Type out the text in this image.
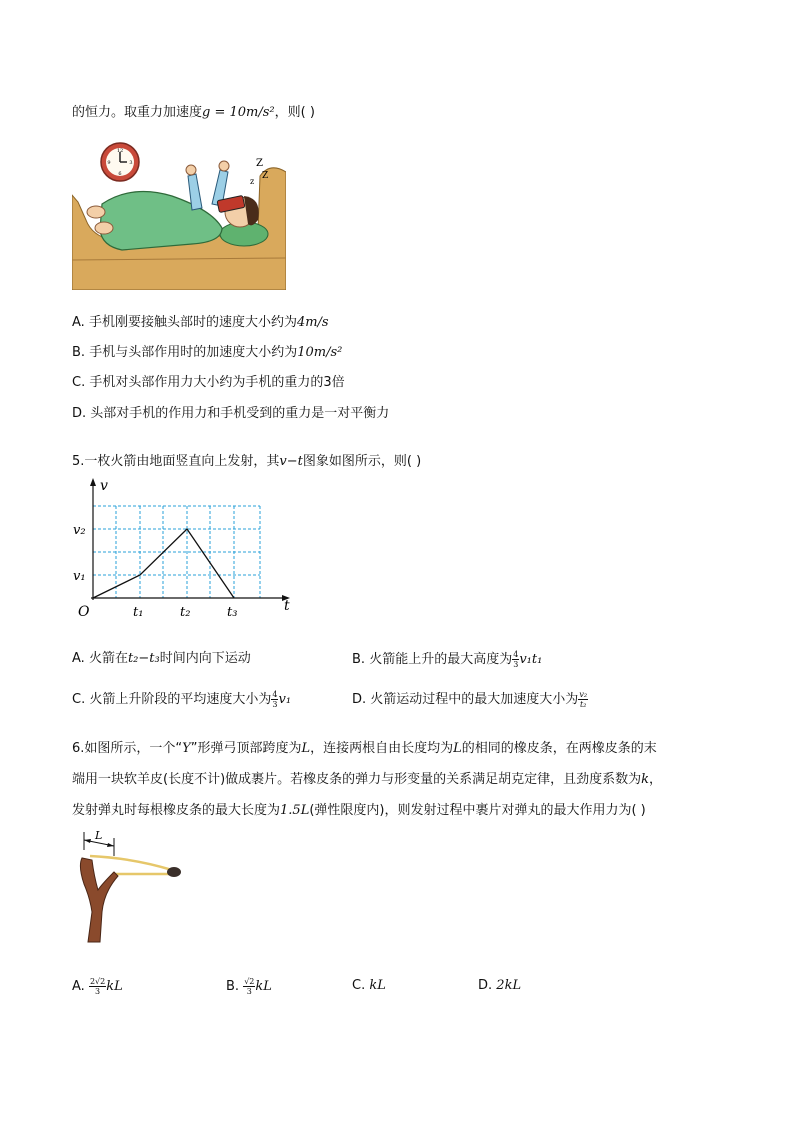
的恒力。取重力加速度g = 10m/s²，则( )
12
3
6
9	Z
Z
z
A. 手机刚要接触头部时的速度大小约为4m/s
B. 手机与头部作用时的加速度大小约为10m/s²
C. 手机对头部作用力大小约为手机的重力的3倍
D. 头部对手机的作用力和手机受到的重力是一对平衡力
5.一枚火箭由地面竖直向上发射，其v−t图象如图所示，则( )
v
t
O
v₂
v₁
t₁	t₂	t₃
A. 火箭在t₂−t₃时间内向下运动	B. 火箭能上升的最大高度为 $\frac{4}{3} v_1t_1$
C. 火箭上升阶段的平均速度大小为 $\frac{4}{3} v_1$	D. 火箭运动过程中的最大加速度大小为 $\frac{\text{v₂}}{\text{t₂}}$
6.如图所示，一个“Y”形弹弓顶部跨度为L，连接两根自由长度均为L的相同的橡皮条，在两橡皮条的末
端用一块软羊皮(长度不计)做成裹片。若橡皮条的弹力与形变量的关系满足胡克定律，且劲度系数为k，
发射弹丸时每根橡皮条的最大长度为1.5L(弹性限度内)，则发射过程中裹片对弹丸的最大作用力为( )
L
A. $\frac{2√2}{3}$ kL	B. $\frac{√2}{3}$ kL	C. kL	D. 2kL
